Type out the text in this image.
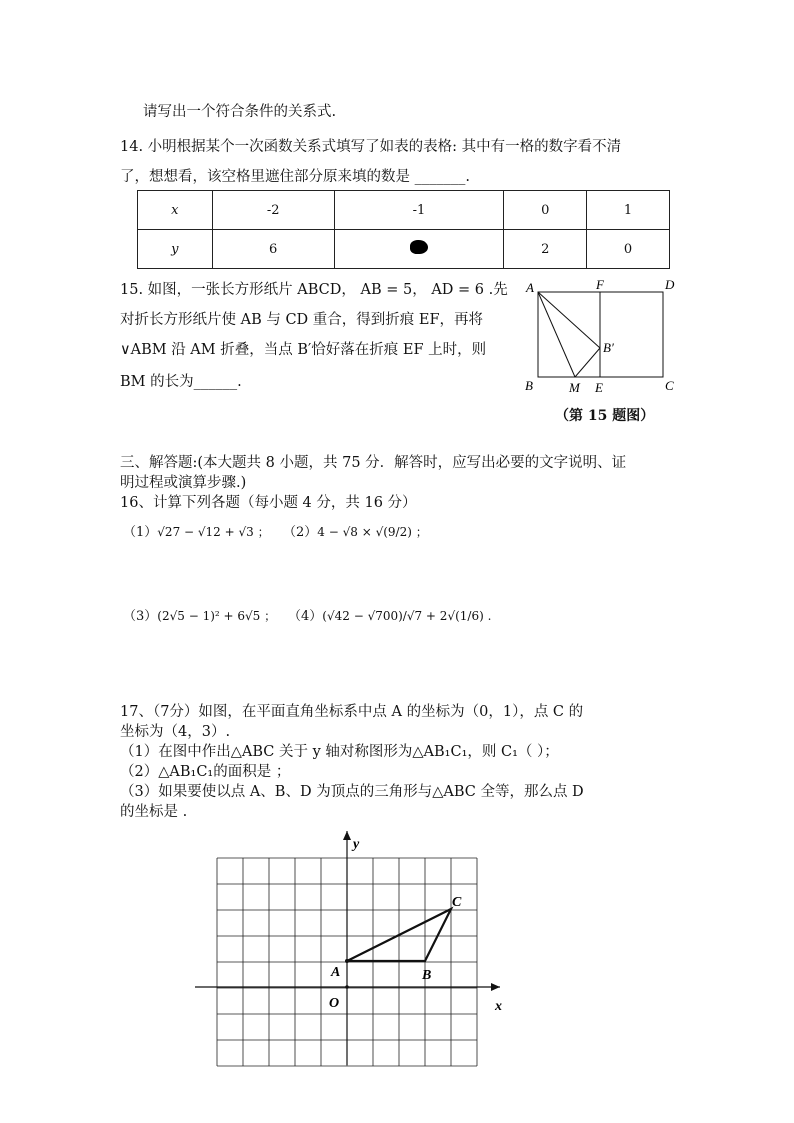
请写出一个符合条件的关系式.
14. 小明根据某个一次函数关系式填写了如表的表格: 其中有一格的数字看不清
了，想想看，该空格里遮住部分原来填的数是 _______.
x	-2	-1	0	1
y	6		2	0
15. 如图，一张长方形纸片 ABCD， AB = 5， AD = 6 .先
对折长方形纸片使 AB 与 CD 重合，得到折痕 EF，再将
∨ABM 沿 AM 折叠，当点 B′恰好落在折痕 EF 上时，则
BM 的长为______.
A	F	D
B′
B	M E	C
（第 15 题图）
三、解答题:(本大题共 8 小题，共 75 分．解答时，应写出必要的文字说明、证
明过程或演算步骤.)
16、计算下列各题（每小题 4 分，共 16 分）
（1）√27 − √12 + √3 ； （2）4 − √8 × √(9/2) ；
（3）(2√5 − 1)² + 6√5 ； （4）(√42 − √700)/√7 + 2√(1/6) .
17、（7分）如图，在平面直角坐标系中点 A 的坐标为（0，1），点 C 的
坐标为（4，3）.
（1）在图中作出△ABC 关于 y 轴对称图形为△AB₁C₁，则 C₁（ ）；
（2）△AB₁C₁的面积是 ；
（3）如果要使以点 A、B、D 为顶点的三角形与△ABC 全等，那么点 D
的坐标是 .
y
x
O
A	B
C
